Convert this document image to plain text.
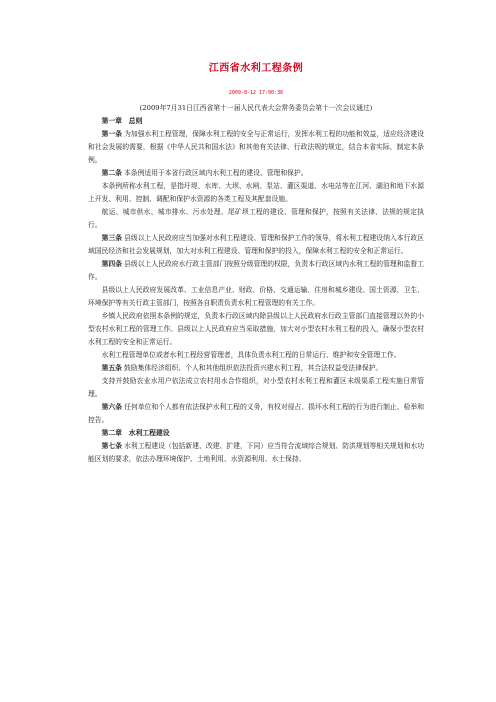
江西省水利工程条例
2009-8-12 17:00:36

(2009年7月31日江西省第十一届人民代表大会常务委员会第十一次会议通过)

第一章　总则

第一条 为加强水利工程管理，保障水利工程的安全与正常运行，发挥水利工程的功能和效益，适应经济建设和社会发展的需要，根据《中华人民共和国水法》和其他有关法律、行政法规的规定，结合本省实际，制定本条例。

第二条 本条例适用于本省行政区域内水利工程的建设、管理和保护。

本条例所称水利工程，是指圩堤、水库、大坝、水闸、泵站、灌区渠道、水电站等在江河、湖泊和地下水源上开发、利用、控制、调配和保护水资源的各类工程及其配套设施。

航运、城市供水、城市排水、污水处理、尾矿坝工程的建设、管理和保护，按照有关法律、法规的规定执行。

第三条 县级以上人民政府应当加强对水利工程建设、管理和保护工作的领导，将水利工程建设纳入本行政区域国民经济和社会发展规划，加大对水利工程建设、管理和保护的投入，保障水利工程的安全和正常运行。

第四条 县级以上人民政府水行政主管部门按照分级管理的权限，负责本行政区域内水利工程的管理和监督工作。

县级以上人民政府发展改革、工业信息产业、财政、价格、交通运输、住房和城乡建设、国土资源、卫生、环境保护等有关行政主管部门，按照各自职责负责水利工程管理的有关工作。

乡镇人民政府依照本条例的规定，负责本行政区域内除县级以上人民政府水行政主管部门直接管理以外的小型农村水利工程的管理工作。县级以上人民政府应当采取措施，加大对小型农村水利工程的投入，确保小型农村水利工程的安全和正常运行。

水利工程管理单位或者水利工程经营管理者，具体负责水利工程的日常运行、维护和安全管理工作。

第五条 鼓励集体经济组织、个人和其他组织依法投资兴建水利工程，其合法权益受法律保护。

支持并鼓励农业水用户依法成立农村用水合作组织，对小型农村水利工程和灌区末级渠系工程实施日常管理。

第六条 任何单位和个人都有依法保护水利工程的义务，有权对侵占、损坏水利工程的行为进行制止、检举和控告。

第二章　水利工程建设

第七条 水利工程建设（包括新建、改建、扩建，下同）应当符合流域综合规划、防洪规划等相关规划和水功能区划的要求，依法办理环境保护、土地利用、水资源利用、水土保持、
